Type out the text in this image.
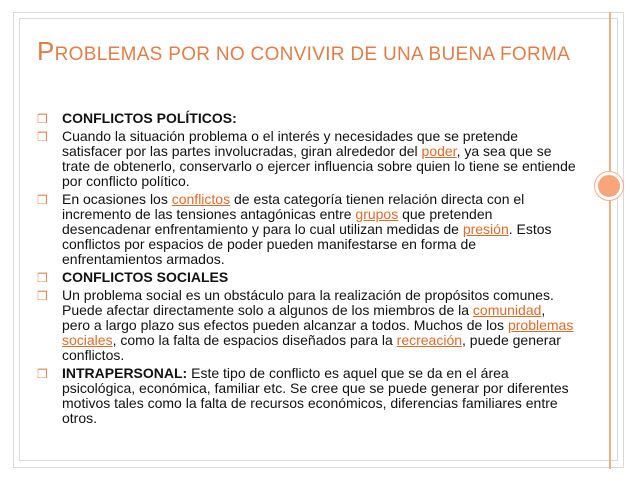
PROBLEMAS POR NO CONVIVIR DE UNA BUENA FORMA
❒ CONFLICTOS POLÍTICOS:
❒ Cuando la situación problema o el interés y necesidades que se pretende satisfacer por las partes involucradas, giran alrededor del poder, ya sea que se trate de obtenerlo, conservarlo o ejercer influencia sobre quien lo tiene se entiende por conflicto político.
❒ En ocasiones los conflictos de esta categoría tienen relación directa con el incremento de las tensiones antagónicas entre grupos que pretenden desencadenar enfrentamiento y para lo cual utilizan medidas de presión. Estos conflictos por espacios de poder pueden manifestarse en forma de enfrentamientos armados.
❒ CONFLICTOS SOCIALES
❒ Un problema social es un obstáculo para la realización de propósitos comunes. Puede afectar directamente solo a algunos de los miembros de la comunidad, pero a largo plazo sus efectos pueden alcanzar a todos. Muchos de los problemas sociales, como la falta de espacios diseñados para la recreación, puede generar conflictos.
❒ INTRAPERSONAL: Este tipo de conflicto es aquel que se da en el área psicológica, económica, familiar etc. Se cree que se puede generar por diferentes motivos tales como la falta de recursos económicos, diferencias familiares entre otros.
